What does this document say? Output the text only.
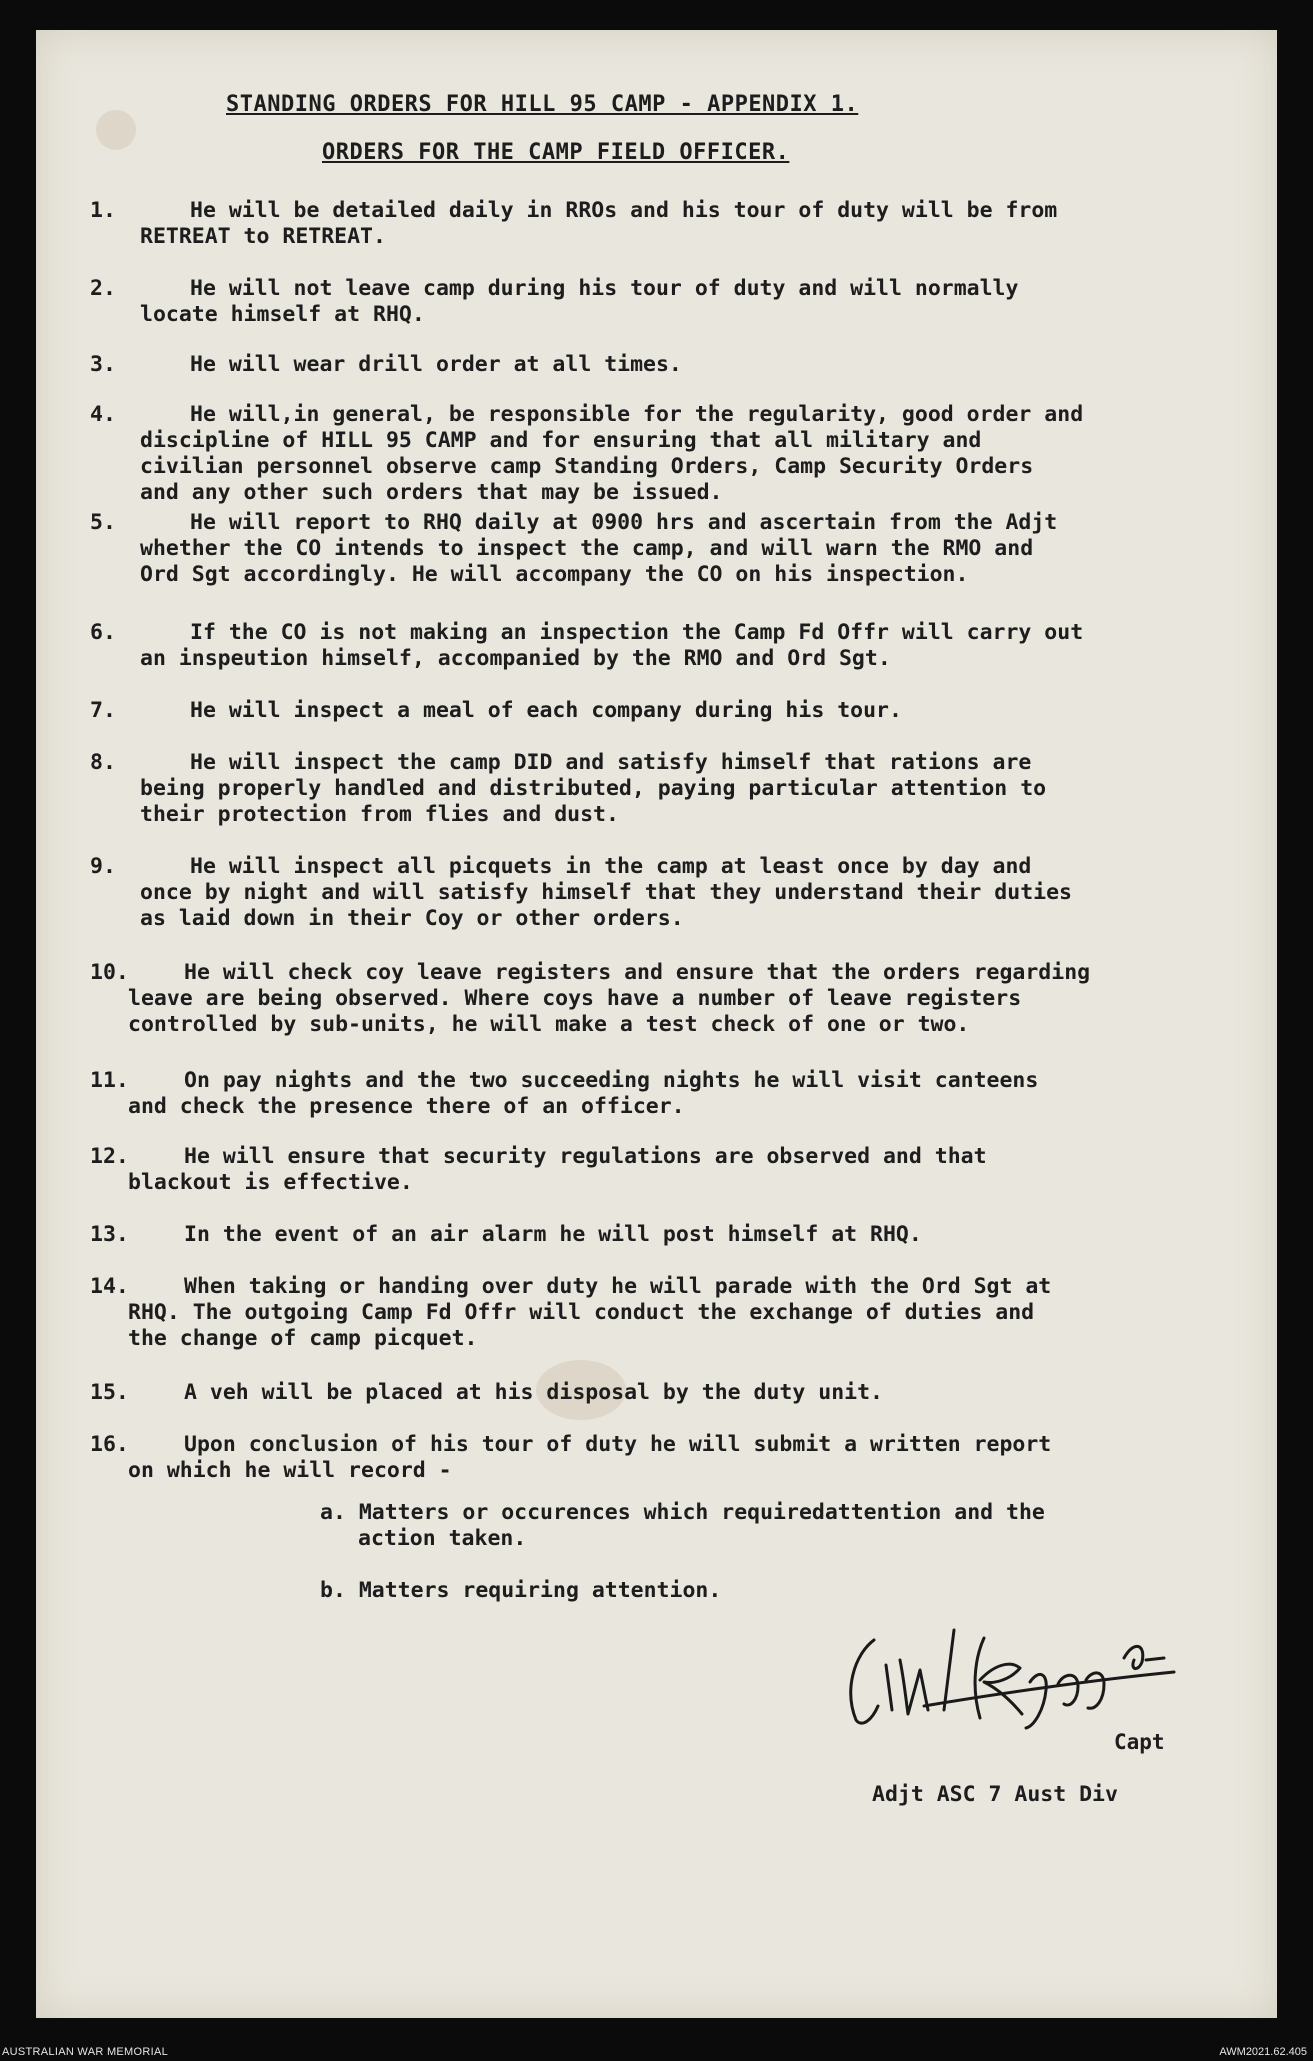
STANDING ORDERS FOR HILL 95 CAMP - APPENDIX 1.
ORDERS FOR THE CAMP FIELD OFFICER.
1.	He will be detailed daily in RROs and his tour of duty will be from
RETREAT to RETREAT.
2.	He will not leave camp during his tour of duty and will normally
locate himself at RHQ.
3.	He will wear drill order at all times.
4.	He will,in general, be responsible for the regularity, good order and
discipline of HILL 95 CAMP and for ensuring that all military and
civilian personnel observe camp Standing Orders, Camp Security Orders
and any other such orders that may be issued.
5.	He will report to RHQ daily at 0900 hrs and ascertain from the Adjt
whether the CO intends to inspect the camp, and will warn the RMO and
Ord Sgt accordingly. He will accompany the CO on his inspection.
6.	If the CO is not making an inspection the Camp Fd Offr will carry out
an inspeution himself, accompanied by the RMO and Ord Sgt.
7.	He will inspect a meal of each company during his tour.
8.	He will inspect the camp DID and satisfy himself that rations are
being properly handled and distributed, paying particular attention to
their protection from flies and dust.
9.	He will inspect all picquets in the camp at least once by day and
once by night and will satisfy himself that they understand their duties
as laid down in their Coy or other orders.
10.	He will check coy leave registers and ensure that the orders regarding
leave are being observed. Where coys have a number of leave registers
controlled by sub-units, he will make a test check of one or two.
11.	On pay nights and the two succeeding nights he will visit canteens
and check the presence there of an officer.
12.	He will ensure that security regulations are observed and that
blackout is effective.
13.	In the event of an air alarm he will post himself at RHQ.
14.	When taking or handing over duty he will parade with the Ord Sgt at
RHQ. The outgoing Camp Fd Offr will conduct the exchange of duties and
the change of camp picquet.
15.	A veh will be placed at his disposal by the duty unit.
16.	Upon conclusion of his tour of duty he will submit a written report
on which he will record -
a. Matters or occurences which requiredattention and the
action taken.
b. Matters requiring attention.
Capt
Adjt ASC 7 Aust Div
AUSTRALIAN WAR MEMORIAL	AWM2021.62.405
